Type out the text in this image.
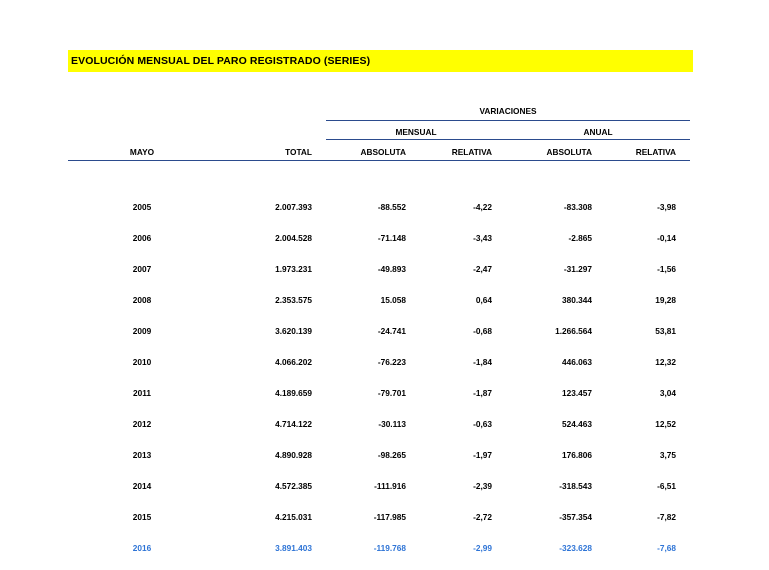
EVOLUCIÓN MENSUAL DEL PARO REGISTRADO (SERIES)
		VARIACIONES			
		MENSUAL		ANUAL	
MAYO	TOTAL	ABSOLUTA	RELATIVA	ABSOLUTA	RELATIVA

2005	2.007.393	-88.552	-4,22	-83.308	-3,98
2006	2.004.528	-71.148	-3,43	-2.865	-0,14
2007	1.973.231	-49.893	-2,47	-31.297	-1,56
2008	2.353.575	15.058	0,64	380.344	19,28
2009	3.620.139	-24.741	-0,68	1.266.564	53,81
2010	4.066.202	-76.223	-1,84	446.063	12,32
2011	4.189.659	-79.701	-1,87	123.457	3,04
2012	4.714.122	-30.113	-0,63	524.463	12,52
2013	4.890.928	-98.265	-1,97	176.806	3,75
2014	4.572.385	-111.916	-2,39	-318.543	-6,51
2015	4.215.031	-117.985	-2,72	-357.354	-7,82
2016	3.891.403	-119.768	-2,99	-323.628	-7,68
